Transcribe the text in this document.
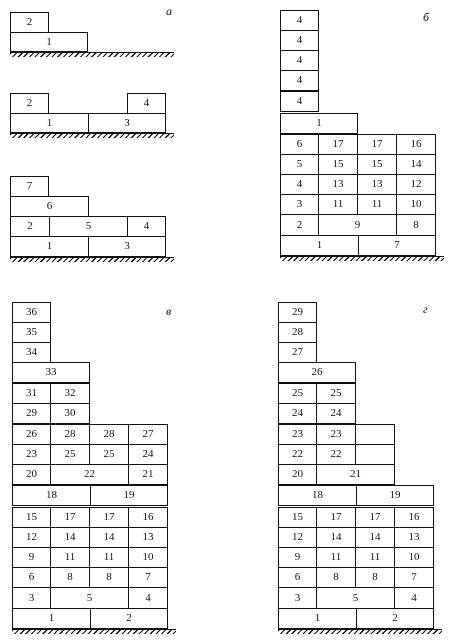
а	б
в	г
2
1
2	4
1	3
7
6
2	5	4
1	3
4
4
4
4
4
1
6	17	17	16
5	15	15	14
4	13	13	12
3	11	11	10
2	9	8
1	7
36
35
34
33
31	32
29	30
26	28	28	27
23	25	25	24
20	22	21
18	19
15	17	17	16
12	14	14	13
9	11	11	10
6	8	8	7
3	5	4
1	2
29
28
27
26
25	25
24	24
23	23
22	22
20	21
18	19
15	17	17	16
12	14	14	13
9	11	11	10
6	8	8	7
3	5	4
1	2
